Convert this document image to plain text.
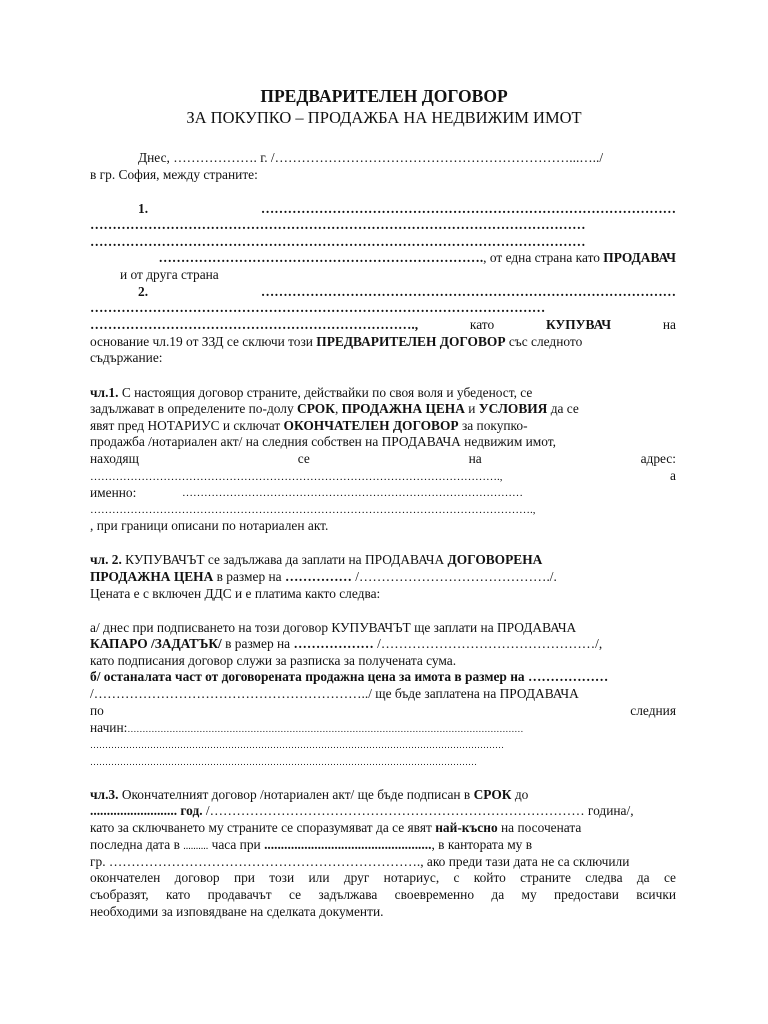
ПРЕДВАРИТЕЛЕН ДОГОВОР
ЗА ПОКУПКО – ПРОДАЖБА НА НЕДВИЖИМ ИМОТ
Днес, ………………. г. /…………………………………………………………...…../
в гр. София, между страните:
1.	…………………………………………………………………………………
…………………………………………………………………………………………………
…………………………………………………………………………………………………
………………………………………………………………., от една страна като ПРОДАВАЧ
и от друга страна
2.	…………………………………………………………………………………
…………………………………………………………………………………………
……………………………………………………………….,	като	КУПУВАЧ	на
основание чл.19 от ЗЗД се сключи този ПРЕДВАРИТЕЛЕН ДОГОВОР със следното
съдържание:
чл.1. С настоящия договор страните, действайки по своя воля и убеденост, се
задължават в определените по-долу СРОК, ПРОДАЖНА ЦЕНА и УСЛОВИЯ да се
явят пред НОТАРИУС и сключат ОКОНЧАТЕЛЕН ДОГОВОР за покупко-
продажба /нотариален акт/ на следния собствен на ПРОДАВАЧА недвижим имот,
находящ	се	на	адрес:
………………………………………………………………………………………………….,	а
именно:	…………………………………………………………………………………
………………………………………………………………………………………………………….,
, при граници описани по нотариален акт.
чл. 2. КУПУВАЧЪТ се задължава да заплати на ПРОДАВАЧА ДОГОВОРЕНА
ПРОДАЖНА ЦЕНА в размер на …………… /……………………………………./.
Цената е с включен ДДС и е платима както следва:
а/ днес при подписването на този договор КУПУВАЧЪТ ще заплати на ПРОДАВАЧА
КАПАРО /ЗАДАТЪК/ в размер на ……………… /…………………………………………/,
като подписания договор служи за разписка за получената сума.
б/ останалата част от договорената продажна цена за имота в размер на ………………
/……………………………………………………../ ще бъде заплатена на ПРОДАВАЧА
по	следния
начин:……………………………………………………………………………………………………………………
…………………………………………………………………………………………………………………………
…………………………………………………………………………………………………………………
чл.3. Окончателният договор /нотариален акт/ ще бъде подписан в СРОК до
.......................... год. /………………………………………………………………………… година/,
като за сключването му страните се споразумяват да се явят най-късно на посочената
последна дата в .......... часа при .................................................., в кантората му в
гр. ……………………………………………………………., ако преди тази дата не са сключили
окончателен договор при този или друг нотариус, с който страните следва да се
съобразят, като продавачът се задължава своевременно да му предостави всички
необходими за изповядване на сделката документи.
